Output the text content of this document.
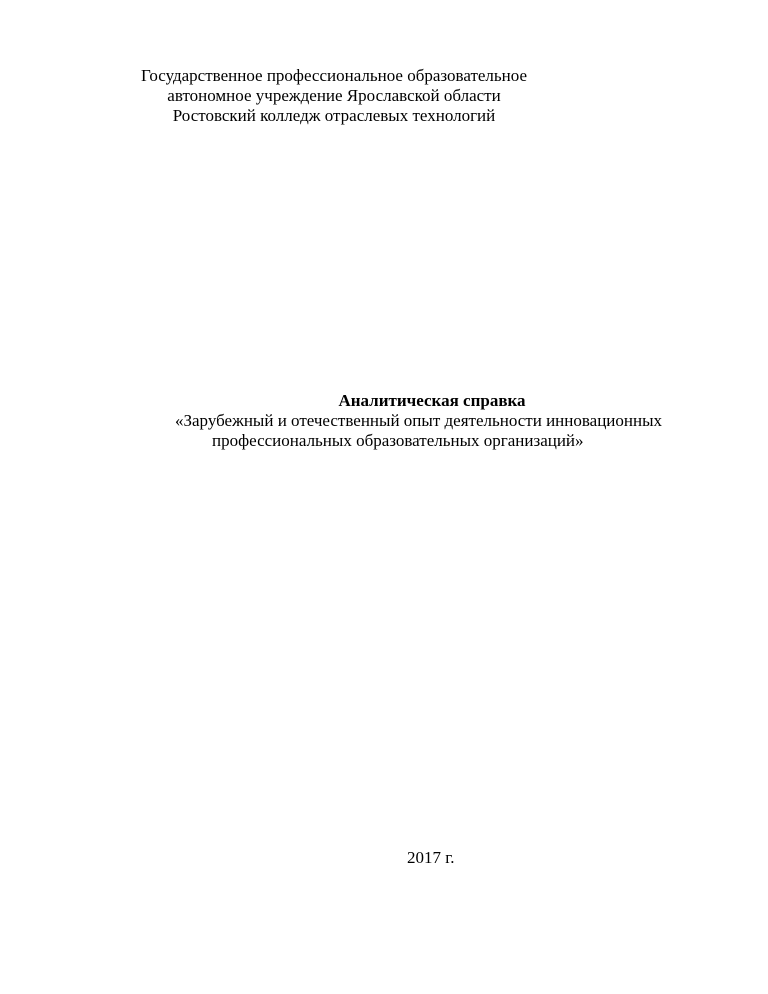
Государственное профессиональное образовательное
автономное учреждение Ярославской области
Ростовский колледж отраслевых технологий
Аналитическая справка
«Зарубежный и отечественный опыт деятельности инновационных
профессиональных образовательных организаций»
2017 г.
